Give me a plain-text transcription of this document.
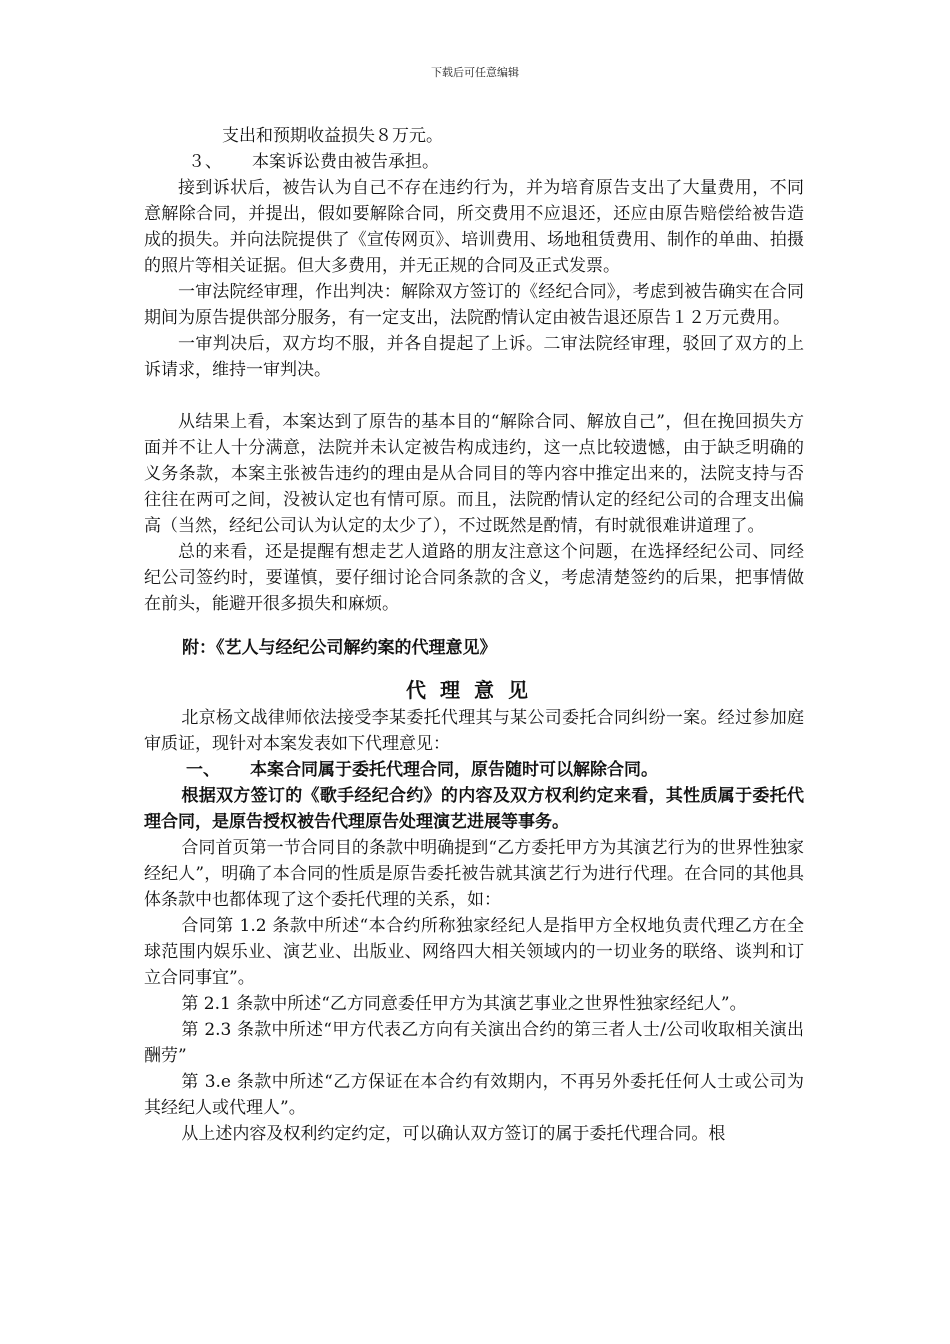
下载后可任意编辑

支出和预期收益损失８万元。

３、 本案诉讼费由被告承担。

接到诉状后，被告认为自己不存在违约行为，并为培育原告支出了大量费用，不同意解除合同，并提出，假如要解除合同，所交费用不应退还，还应由原告赔偿给被告造成的损失。并向法院提供了《宣传网页》、培训费用、场地租赁费用、制作的单曲、拍摄的照片等相关证据。但大多费用，并无正规的合同及正式发票。

一审法院经审理，作出判决：解除双方签订的《经纪合同》，考虑到被告确实在合同期间为原告提供部分服务，有一定支出，法院酌情认定由被告退还原告１２万元费用。

一审判决后，双方均不服，并各自提起了上诉。二审法院经审理，驳回了双方的上诉请求，维持一审判决。

从结果上看，本案达到了原告的基本目的“解除合同、解放自己”，但在挽回损失方面并不让人十分满意，法院并未认定被告构成违约，这一点比较遗憾，由于缺乏明确的义务条款，本案主张被告违约的理由是从合同目的等内容中推定出来的，法院支持与否往往在两可之间，没被认定也有情可原。而且，法院酌情认定的经纪公司的合理支出偏高（当然，经纪公司认为认定的太少了），不过既然是酌情，有时就很难讲道理了。

总的来看，还是提醒有想走艺人道路的朋友注意这个问题，在选择经纪公司、同经纪公司签约时，要谨慎，要仔细讨论合同条款的含义，考虑清楚签约的后果，把事情做在前头，能避开很多损失和麻烦。

附：《艺人与经纪公司解约案的代理意见》

代理意见

北京杨文战律师依法接受李某委托代理其与某公司委托合同纠纷一案。经过参加庭审质证，现针对本案发表如下代理意见：

一、 本案合同属于委托代理合同，原告随时可以解除合同。

根据双方签订的《歌手经纪合约》的内容及双方权利约定来看，其性质属于委托代理合同，是原告授权被告代理原告处理演艺进展等事务。

合同首页第一节合同目的条款中明确提到“乙方委托甲方为其演艺行为的世界性独家经纪人”，明确了本合同的性质是原告委托被告就其演艺行为进行代理。在合同的其他具体条款中也都体现了这个委托代理的关系，如：

合同第 1.2 条款中所述“本合约所称独家经纪人是指甲方全权地负责代理乙方在全球范围内娱乐业、演艺业、出版业、网络四大相关领域内的一切业务的联络、谈判和订立合同事宜”。

第 2.1 条款中所述“乙方同意委任甲方为其演艺事业之世界性独家经纪人”。

第 2.3 条款中所述“甲方代表乙方向有关演出合约的第三者人士/公司收取相关演出酬劳”

第 3.e 条款中所述“乙方保证在本合约有效期内，不再另外委托任何人士或公司为其经纪人或代理人”。

从上述内容及权利约定约定，可以确认双方签订的属于委托代理合同。根
